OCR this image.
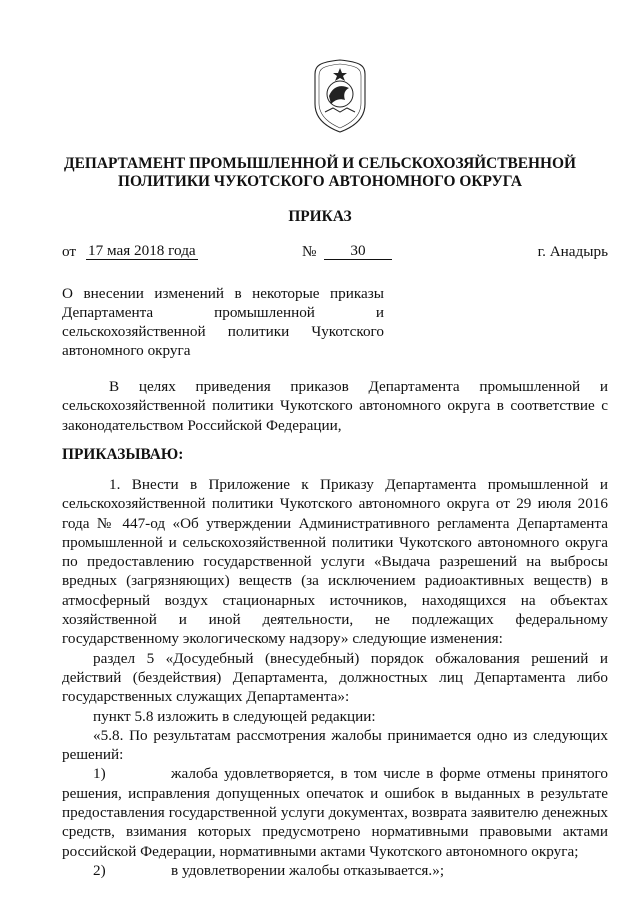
ДЕПАРТАМЕНТ ПРОМЫШЛЕННОЙ И СЕЛЬСКОХОЗЯЙСТВЕННОЙ
ПОЛИТИКИ ЧУКОТСКОГО АВТОНОМНОГО ОКРУГА
ПРИКАЗ
от 17 мая 2018 года	№	30	г. Анадырь
О внесении изменений в некоторые приказы
Департамента промышленной и
сельскохозяйственной политики Чукотского
автономного округа
В целях приведения приказов Департамента промышленной и
сельскохозяйственной политики Чукотского автономного округа в соответствие с
законодательством Российской Федерации,
ПРИКАЗЫВАЮ:
1. Внести в Приложение к Приказу Департамента промышленной и
сельскохозяйственной политики Чукотского автономного округа от 29 июля 2016
года № 447-од «Об утверждении Административного регламента Департамента
промышленной и сельскохозяйственной политики Чукотского автономного округа
по предоставлению государственной услуги «Выдача разрешений на выбросы
вредных (загрязняющих) веществ (за исключением радиоактивных веществ) в
атмосферный воздух стационарных источников, находящихся на объектах
хозяйственной и иной деятельности, не подлежащих федеральному
государственному экологическому надзору» следующие изменения:
раздел 5 «Досудебный (внесудебный) порядок обжалования решений и
действий (бездействия) Департамента, должностных лиц Департамента либо
государственных служащих Департамента»:
пункт 5.8 изложить в следующей редакции:
«5.8. По результатам рассмотрения жалобы принимается одно из следующих
решений:
1)	жалоба удовлетворяется, в том числе в форме отмены принятого
решения, исправления допущенных опечаток и ошибок в выданных в результате
предоставления государственной услуги документах, возврата заявителю денежных
средств, взимания которых предусмотрено нормативными правовыми актами
российской Федерации, нормативными актами Чукотского автономного округа;
2)	в удовлетворении жалобы отказывается.»;
